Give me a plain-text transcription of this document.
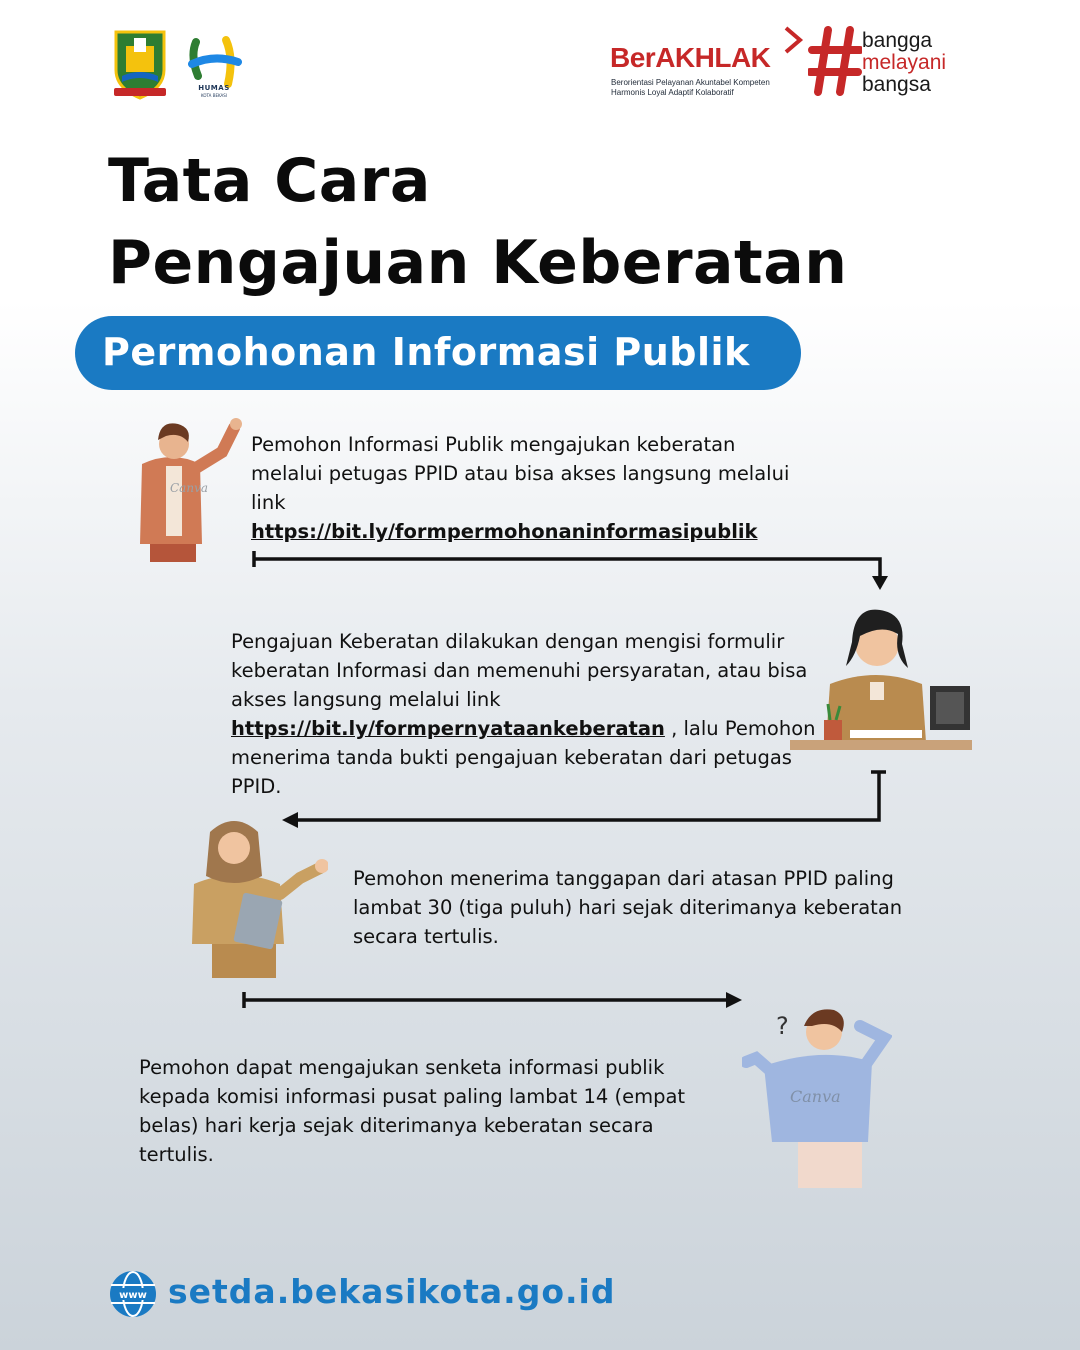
HUMAS
KOTA BEKASI
BerAKHLAK
Berorientasi Pelayanan Akuntabel Kompeten
Harmonis Loyal Adaptif Kolaboratif
bangga
melayani
bangsa
Tata Cara
Pengajuan Keberatan
Permohonan Informasi Publik
Canva
Pemohon Informasi Publik mengajukan keberatan melalui petugas PPID atau bisa akses langsung melalui link
https://bit.ly/formpermohonaninformasipublik
Pengajuan Keberatan dilakukan dengan mengisi formulir keberatan Informasi dan memenuhi persyaratan, atau bisa akses langsung melalui link
https://bit.ly/formpernyataankeberatan , lalu Pemohon menerima tanda bukti pengajuan keberatan dari petugas PPID.
Pemohon menerima tanggapan dari atasan PPID paling lambat 30 (tiga puluh) hari sejak diterimanya keberatan secara tertulis.
?
Canva
Pemohon dapat mengajukan senketa informasi publik kepada komisi informasi pusat paling lambat 14 (empat belas) hari kerja sejak diterimanya keberatan secara tertulis.
www setda.bekasikota.go.id
